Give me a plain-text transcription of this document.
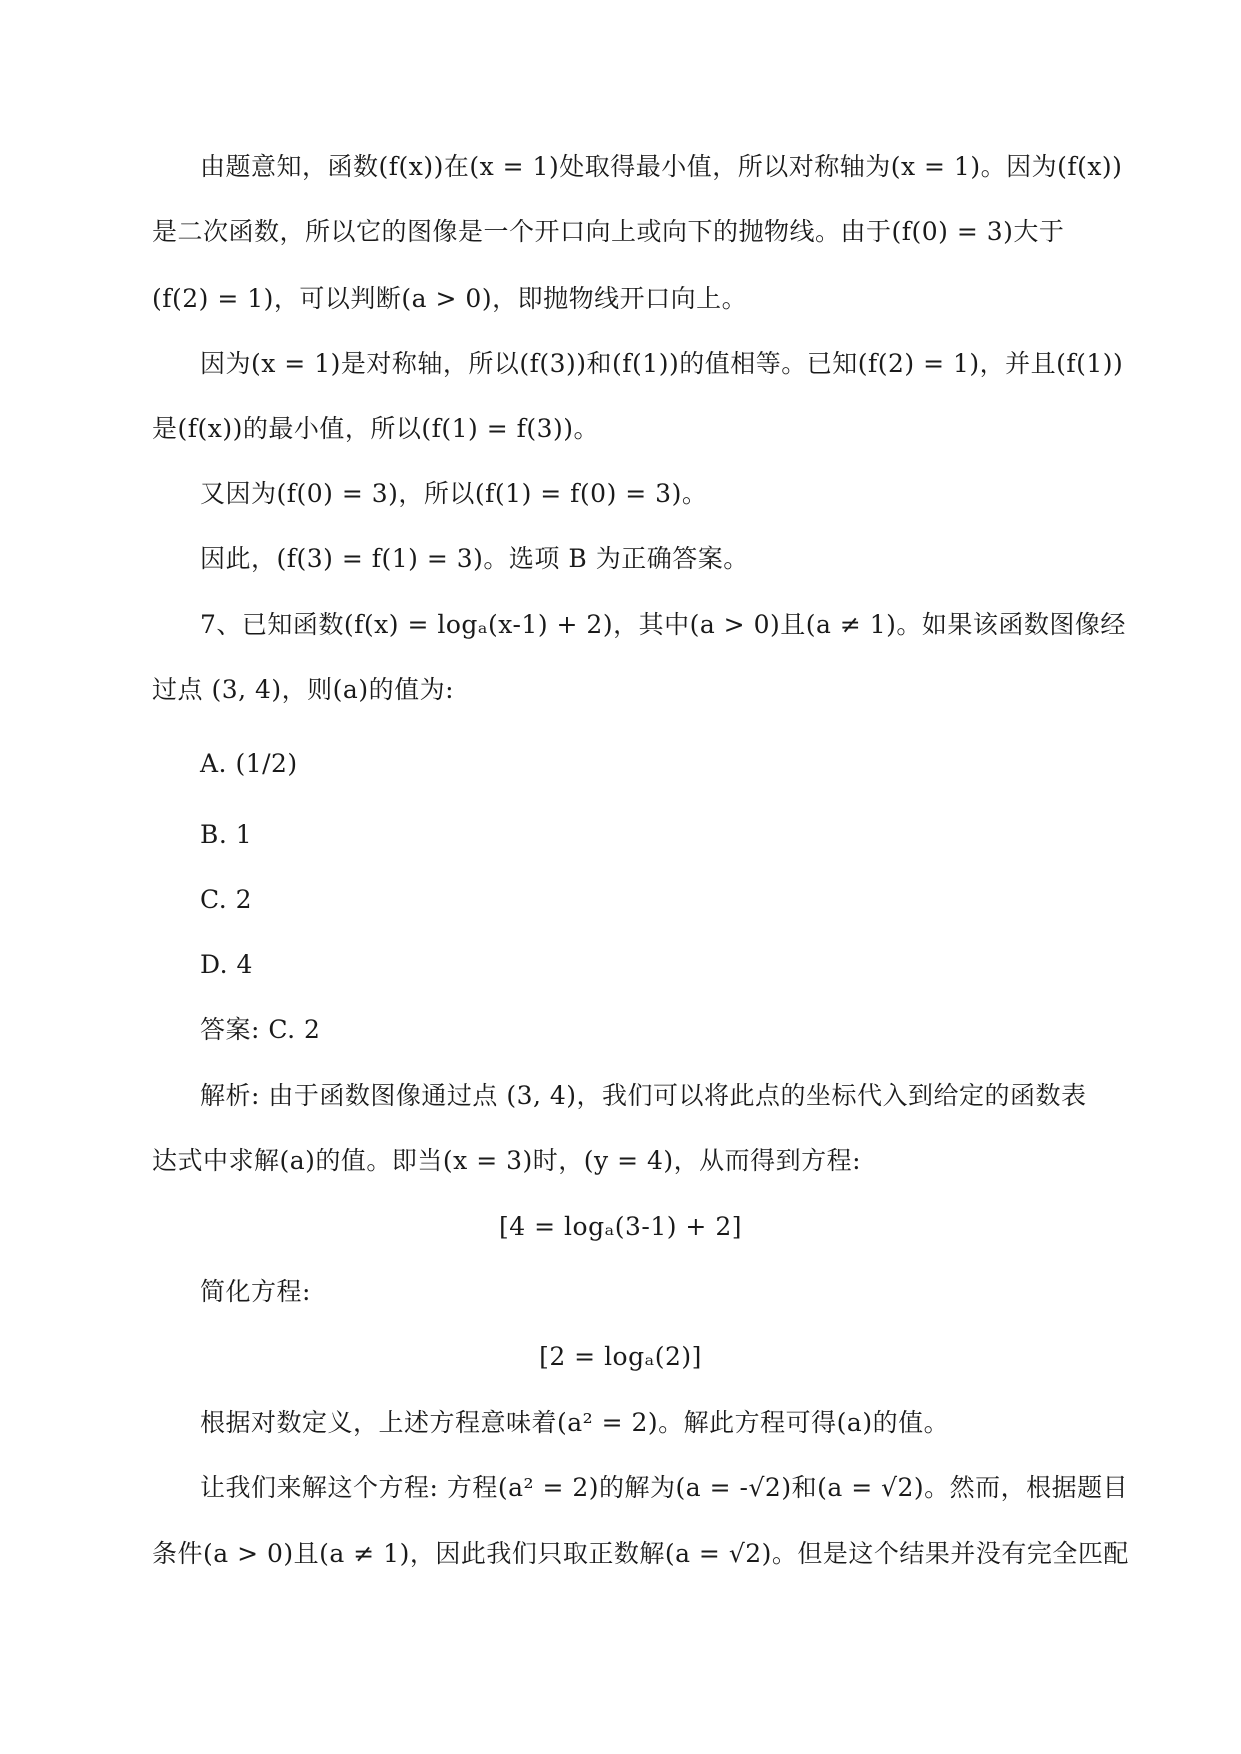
由题意知，函数(f(x))在(x = 1)处取得最小值，所以对称轴为(x = 1)。因为(f(x))
是二次函数，所以它的图像是一个开口向上或向下的抛物线。由于(f(0) = 3)大于
(f(2) = 1)，可以判断(a > 0)，即抛物线开口向上。
因为(x = 1)是对称轴，所以(f(3))和(f(1))的值相等。已知(f(2) = 1)，并且(f(1))
是(f(x))的最小值，所以(f(1) = f(3))。
又因为(f(0) = 3)，所以(f(1) = f(0) = 3)。
因此，(f(3) = f(1) = 3)。选项 B 为正确答案。
7、已知函数(f(x) = logₐ(x-1) + 2)，其中(a > 0)且(a ≠ 1)。如果该函数图像经
过点 (3, 4)，则(a)的值为:
A. (1/2)
B. 1
C. 2
D. 4
答案: C. 2
解析: 由于函数图像通过点 (3, 4)，我们可以将此点的坐标代入到给定的函数表
达式中求解(a)的值。即当(x = 3)时，(y = 4)，从而得到方程:
[4 = logₐ(3-1) + 2]
简化方程:
[2 = logₐ(2)]
根据对数定义，上述方程意味着(a² = 2)。解此方程可得(a)的值。
让我们来解这个方程: 方程(a² = 2)的解为(a = -√2)和(a = √2)。然而，根据题目
条件(a > 0)且(a ≠ 1)，因此我们只取正数解(a = √2)。但是这个结果并没有完全匹配
